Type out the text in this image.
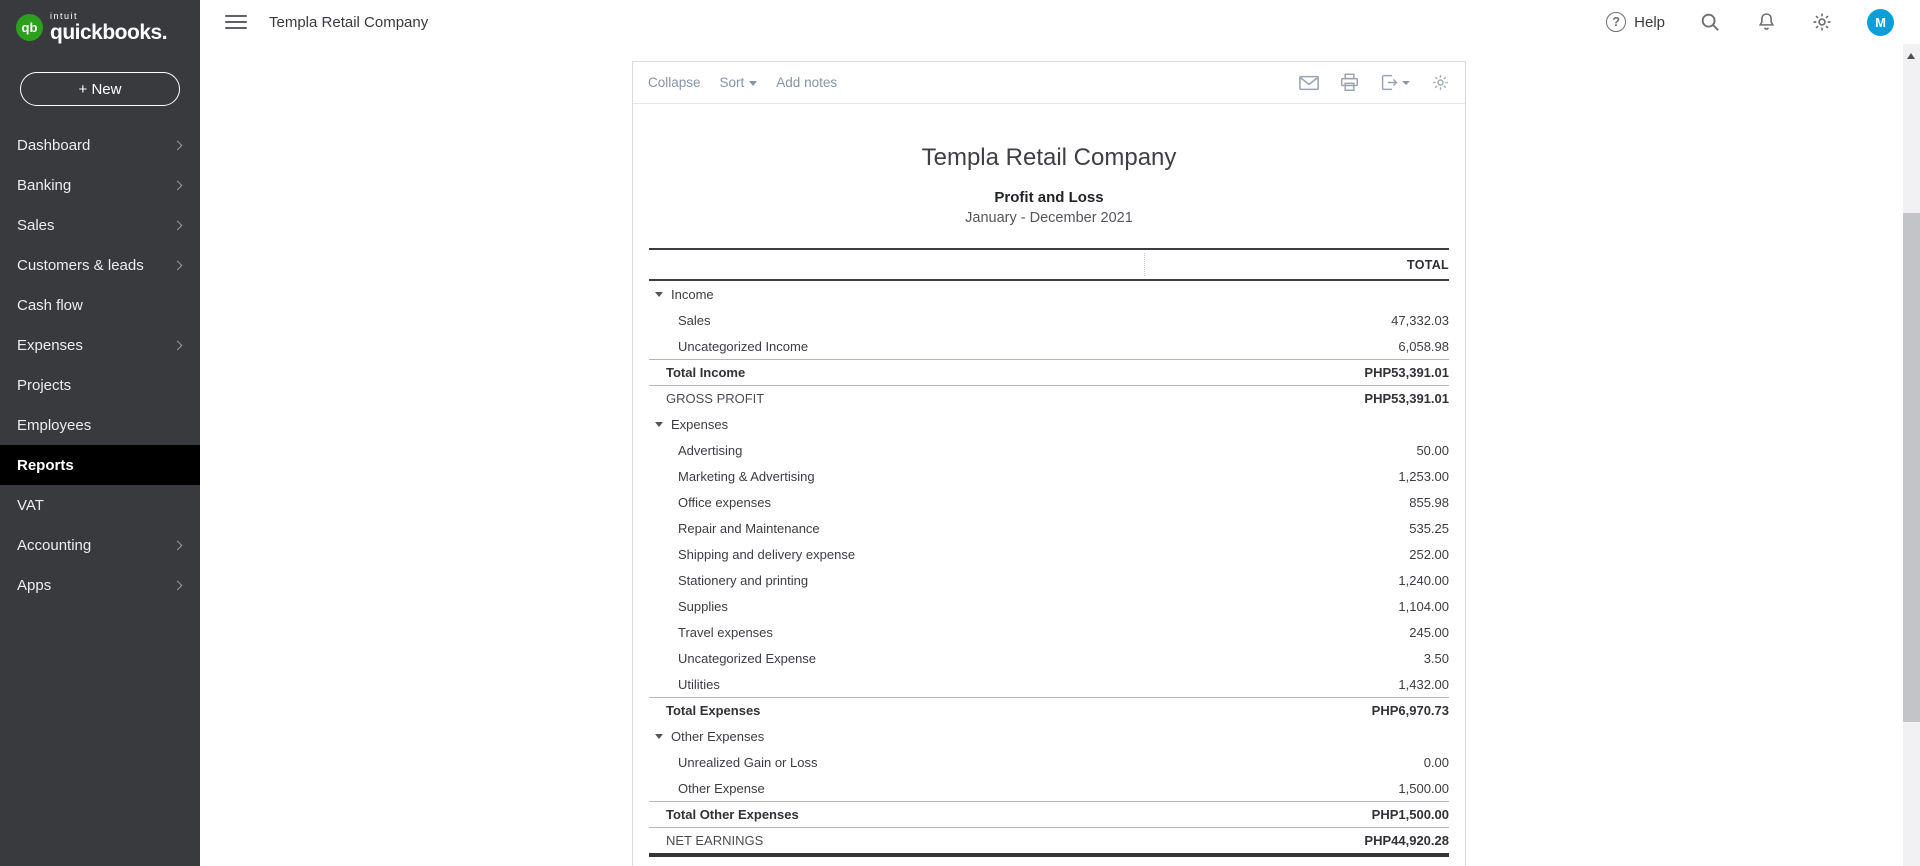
qb
intuit
quickbooks.
+ New
Dashboard
Banking
Sales
Customers & leads
Cash flow
Expenses
Projects
Employees
Reports
VAT
Accounting
Apps
Templa Retail Company	? Help	M
Collapse Sort Add notes
Templa Retail Company
Profit and Loss
January - December 2021
TOTAL
Income
Sales	47,332.03
Uncategorized Income	6,058.98
Total Income	PHP53,391.01
GROSS PROFIT	PHP53,391.01
Expenses
Advertising	50.00
Marketing & Advertising	1,253.00
Office expenses	855.98
Repair and Maintenance	535.25
Shipping and delivery expense	252.00
Stationery and printing	1,240.00
Supplies	1,104.00
Travel expenses	245.00
Uncategorized Expense	3.50
Utilities	1,432.00
Total Expenses	PHP6,970.73
Other Expenses
Unrealized Gain or Loss	0.00
Other Expense	1,500.00
Total Other Expenses	PHP1,500.00
NET EARNINGS	PHP44,920.28
